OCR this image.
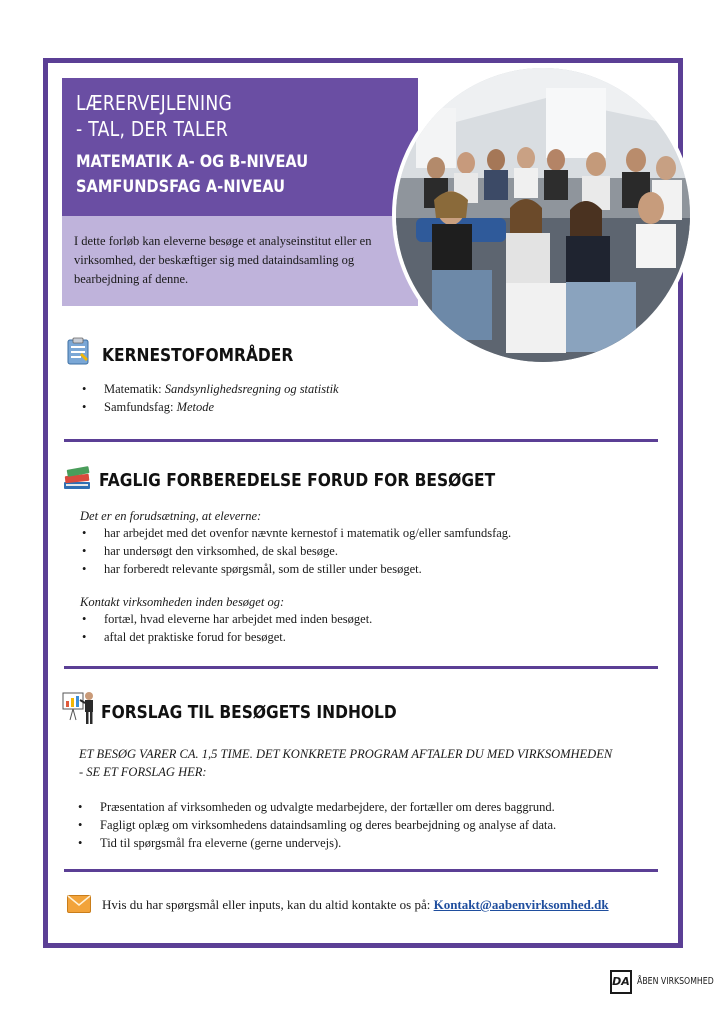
LÆRERVEJLENING
- TAL, DER TALER
MATEMATIK A- OG B-NIVEAU
SAMFUNDSFAG A-NIVEAU

I dette forløb kan eleverne besøge et analyseinstitut eller en virksomhed, der beskæftiger sig med dataindsamling og bearbejdning af denne.

KERNESTOFOMRÅDER
• Matematik: Sandsynlighedsregning og statistik
• Samfundsfag: Metode
FAGLIG FORBEREDELSE FORUD FOR BESØGET

Det er en forudsætning, at eleverne:

• har arbejdet med det ovenfor nævnte kernestof i matematik og/eller samfundsfag.
• har undersøgt den virksomhed, de skal besøge.
• har forberedt relevante spørgsmål, som de stiller under besøget.

Kontakt virksomheden inden besøget og:

• fortæl, hvad eleverne har arbejdet med inden besøget.
• aftal det praktiske forud for besøget.
FORSLAG TIL BESØGETS INDHOLD
ET BESØG VARER CA. 1,5 TIME. DET KONKRETE PROGRAM AFTALER DU MED VIRKSOMHEDEN
- SE ET FORSLAG HER:
• Præsentation af virksomheden og udvalgte medarbejdere, der fortæller om deres baggrund.
• Fagligt oplæg om virksomhedens dataindsamling og deres bearbejdning og analyse af data.
• Tid til spørgsmål fra eleverne (gerne undervejs).
Hvis du har spørgsmål eller inputs, kan du altid kontakte os på: Kontakt@aabenvirksomhed.dk
DA ÅBEN VIRKSOMHED
